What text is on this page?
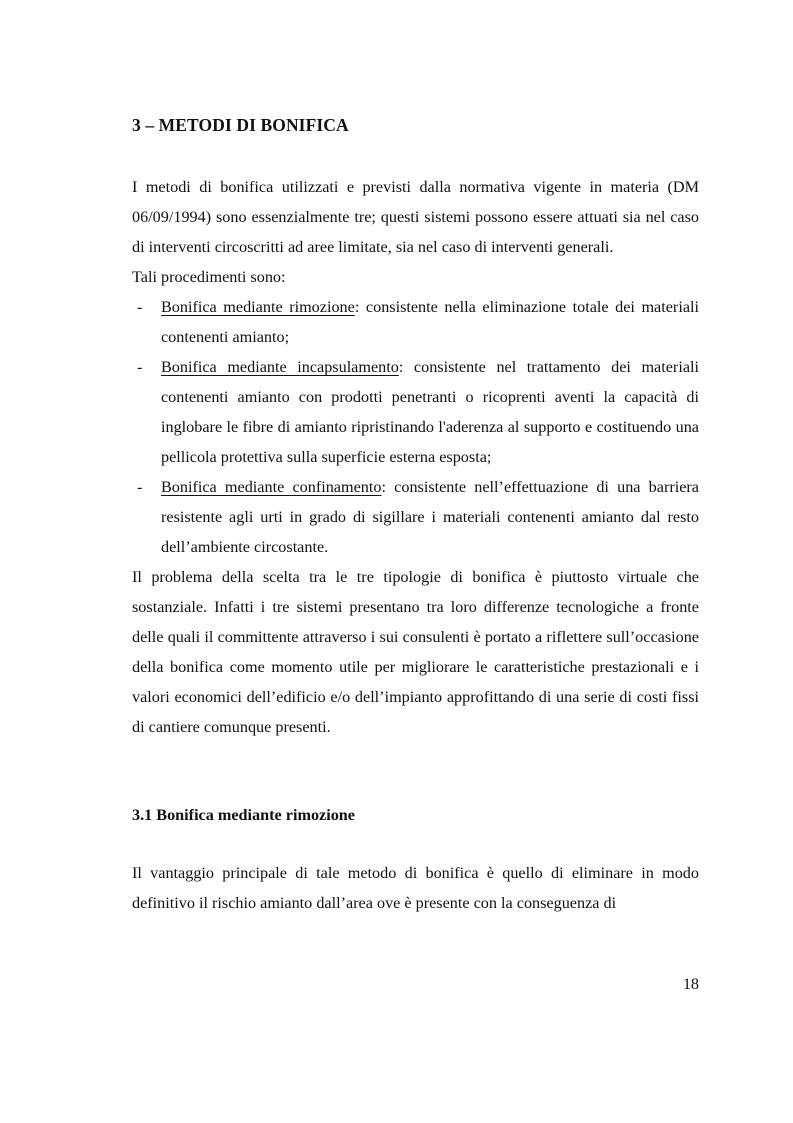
3 – METODI DI BONIFICA

I metodi di bonifica utilizzati e previsti dalla normativa vigente in materia (DM 06/09/1994) sono essenzialmente tre; questi sistemi possono essere attuati sia nel caso di interventi circoscritti ad aree limitate, sia nel caso di interventi generali.

Tali procedimenti sono:

- Bonifica mediante rimozione: consistente nella eliminazione totale dei materiali contenenti amianto;
- Bonifica mediante incapsulamento: consistente nel trattamento dei materiali contenenti amianto con prodotti penetranti o ricoprenti aventi la capacità di inglobare le fibre di amianto ripristinando l'aderenza al supporto e costituendo una pellicola protettiva sulla superficie esterna esposta;
- Bonifica mediante confinamento: consistente nell’effettuazione di una barriera resistente agli urti in grado di sigillare i materiali contenenti amianto dal resto dell’ambiente circostante.

Il problema della scelta tra le tre tipologie di bonifica è piuttosto virtuale che sostanziale. Infatti i tre sistemi presentano tra loro differenze tecnologiche a fronte delle quali il committente attraverso i sui consulenti è portato a riflettere sull’occasione della bonifica come momento utile per migliorare le caratteristiche prestazionali e i valori economici dell’edificio e/o dell’impianto approfittando di una serie di costi fissi di cantiere comunque presenti.

3.1 Bonifica mediante rimozione

Il vantaggio principale di tale metodo di bonifica è quello di eliminare in modo definitivo il rischio amianto dall’area ove è presente con la conseguenza di

18
